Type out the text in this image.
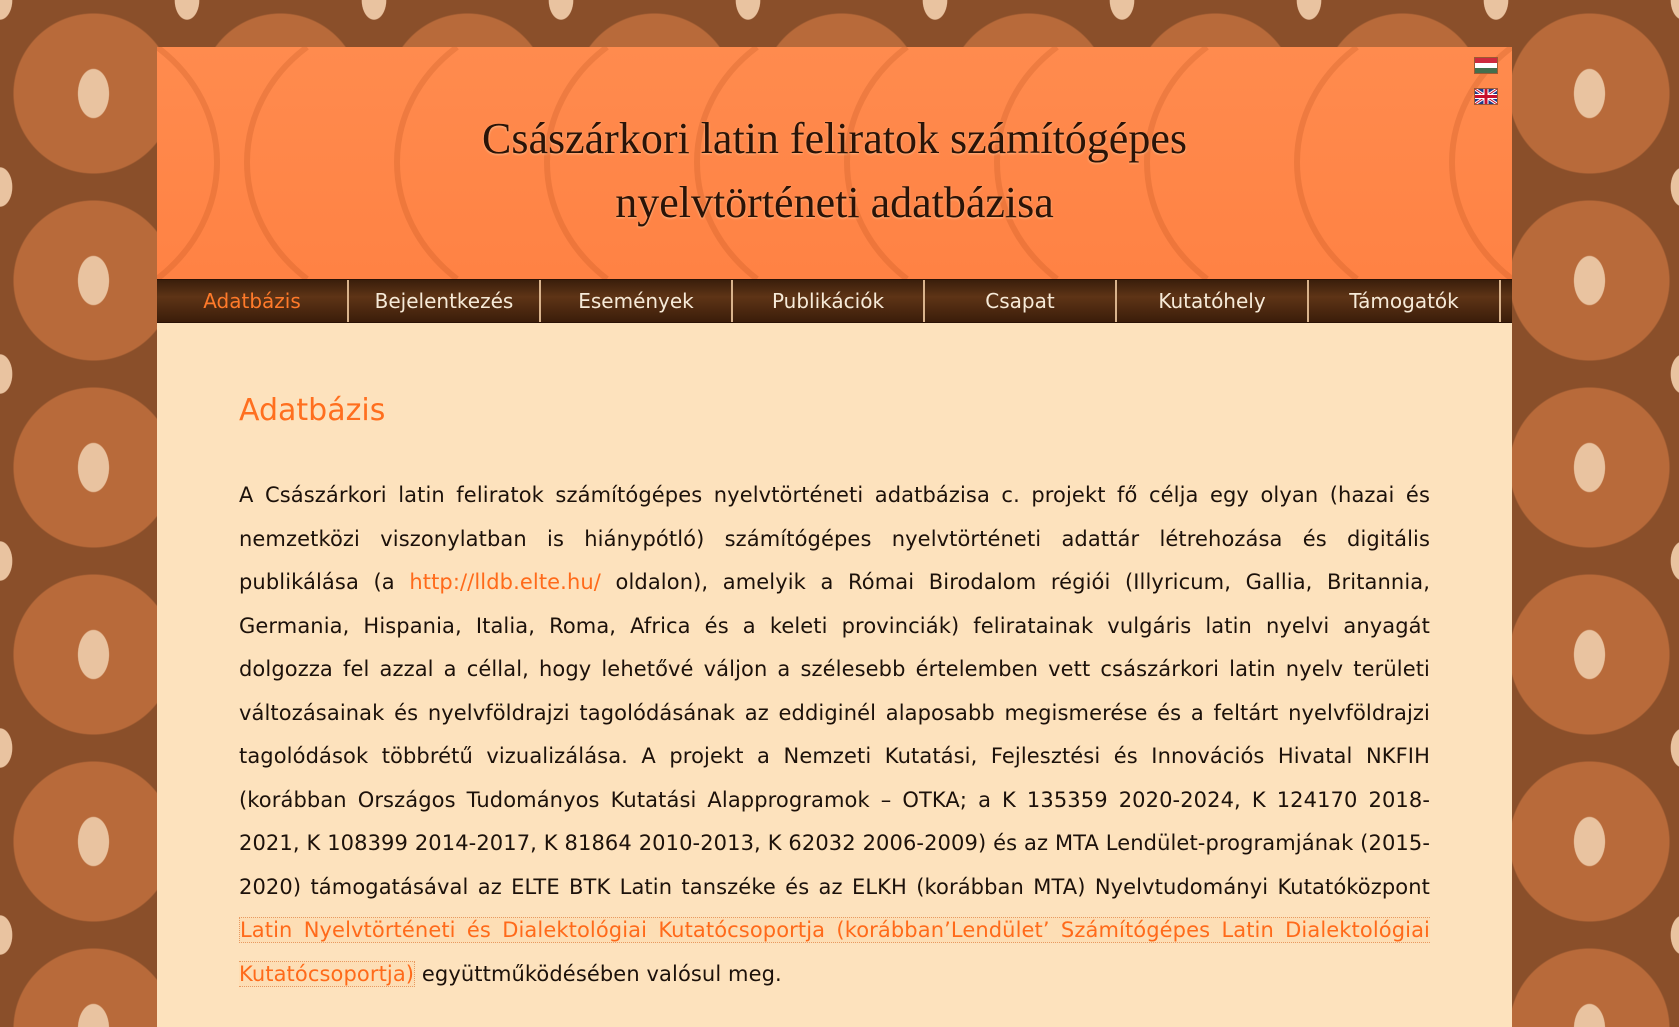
Császárkori latin feliratok számítógépes
nyelvtörténeti adatbázisa
Adatbázis	Bejelentkezés	Események	Publikációk	Csapat	Kutatóhely	Támogatók
Adatbázis

A Császárkori latin feliratok számítógépes nyelvtörténeti adatbázisa c. projekt fő célja egy olyan (hazai és nemzetközi viszonylatban is hiánypótló) számítógépes nyelvtörténeti adattár létrehozása és digitális publikálása (a http://lldb.elte.hu/ oldalon), amelyik a Római Birodalom régiói (Illyricum, Gallia, Britannia, Germania, Hispania, Italia, Roma, Africa és a keleti provinciák) feliratainak vulgáris latin nyelvi anyagát dolgozza fel azzal a céllal, hogy lehetővé váljon a szélesebb értelemben vett császárkori latin nyelv területi változásainak és nyelvföldrajzi tagolódásának az eddiginél alaposabb megismerése és a feltárt nyelvföldrajzi tagolódások többrétű vizualizálása. A projekt a Nemzeti Kutatási, Fejlesztési és Innovációs Hivatal NKFIH (korábban Országos Tudományos Kutatási Alapprogramok – OTKA; a K 135359 2020-2024, K 124170 2018-2021, K 108399 2014-2017, K 81864 2010-2013, K 62032 2006-2009) és az MTA Lendület-programjának (2015-2020) támogatásával az ELTE BTK Latin tanszéke és az ELKH (korábban MTA) Nyelvtudományi Kutatóközpont Latin Nyelvtörténeti és Dialektológiai Kutatócsoportja (korábban’Lendület’ Számítógépes Latin Dialektológiai Kutatócsoportja) együttműködésében valósul meg.
